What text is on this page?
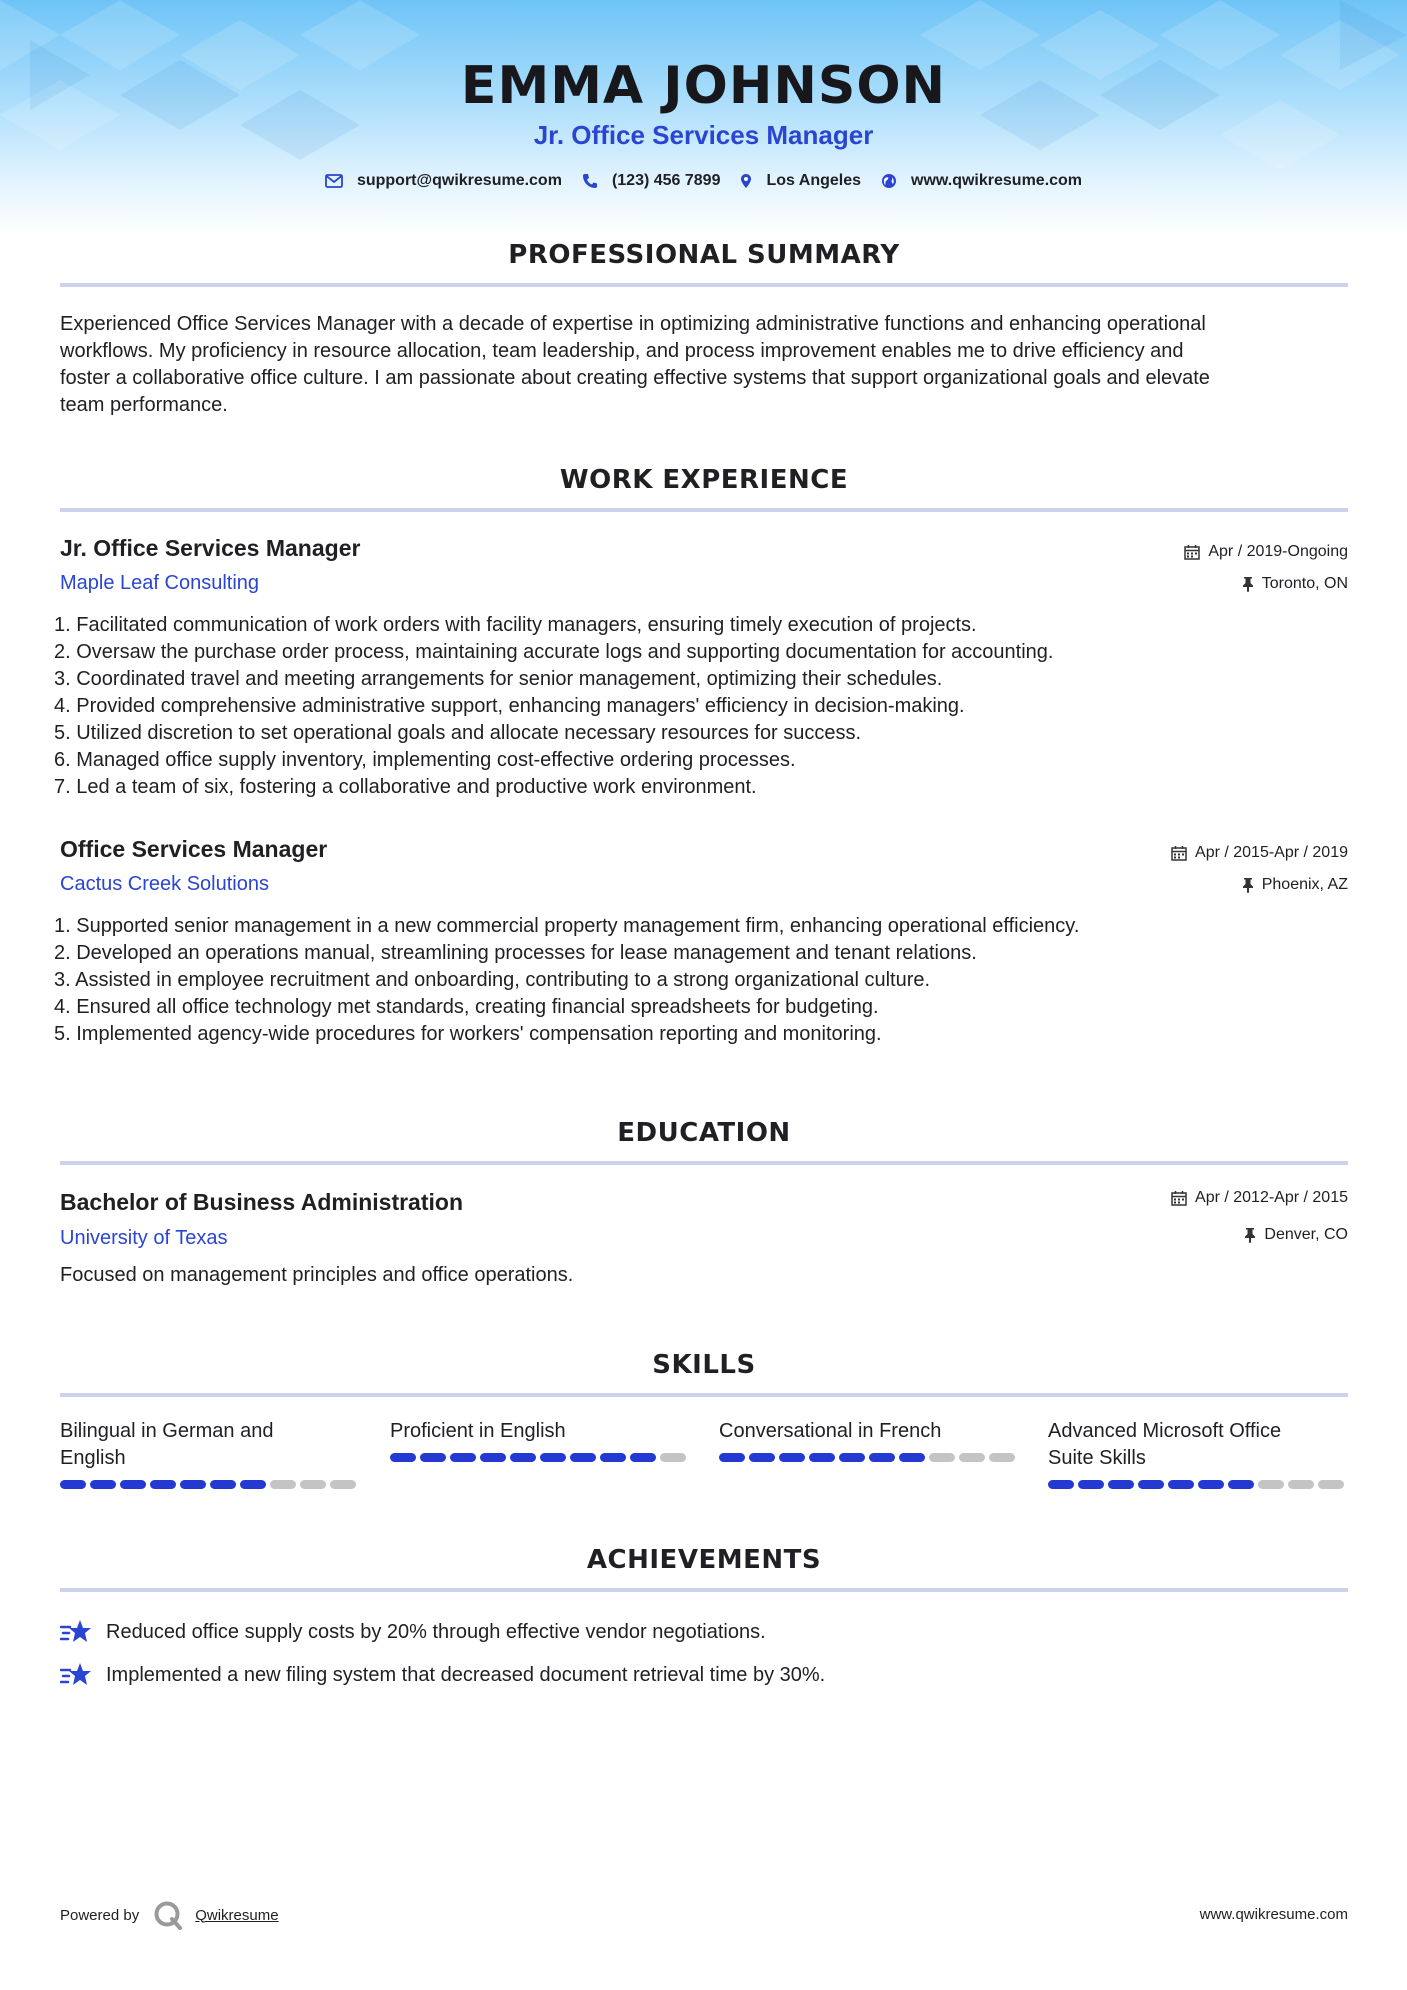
EMMA JOHNSON
Jr. Office Services Manager
support@qwikresume.com	(123) 456 7899	Los Angeles	www.qwikresume.com
PROFESSIONAL SUMMARY
Experienced Office Services Manager with a decade of expertise in optimizing administrative functions and enhancing operational
workflows. My proficiency in resource allocation, team leadership, and process improvement enables me to drive efficiency and
foster a collaborative office culture. I am passionate about creating effective systems that support organizational goals and elevate
team performance.
WORK EXPERIENCE
Jr. Office Services Manager
Maple Leaf Consulting
Apr / 2019-Ongoing
Toronto, ON
1. Facilitated communication of work orders with facility managers, ensuring timely execution of projects.
2. Oversaw the purchase order process, maintaining accurate logs and supporting documentation for accounting.
3. Coordinated travel and meeting arrangements for senior management, optimizing their schedules.
4. Provided comprehensive administrative support, enhancing managers' efficiency in decision-making.
5. Utilized discretion to set operational goals and allocate necessary resources for success.
6. Managed office supply inventory, implementing cost-effective ordering processes.
7. Led a team of six, fostering a collaborative and productive work environment.
Office Services Manager
Cactus Creek Solutions
Apr / 2015-Apr / 2019
Phoenix, AZ
1. Supported senior management in a new commercial property management firm, enhancing operational efficiency.
2. Developed an operations manual, streamlining processes for lease management and tenant relations.
3. Assisted in employee recruitment and onboarding, contributing to a strong organizational culture.
4. Ensured all office technology met standards, creating financial spreadsheets for budgeting.
5. Implemented agency-wide procedures for workers' compensation reporting and monitoring.
EDUCATION
Bachelor of Business Administration
University of Texas
Apr / 2012-Apr / 2015
Denver, CO
Focused on management principles and office operations.
SKILLS
Bilingual in German and
English
Proficient in English	Conversational in French	Advanced Microsoft Office
Suite Skills
ACHIEVEMENTS
Reduced office supply costs by 20% through effective vendor negotiations.
Implemented a new filing system that decreased document retrieval time by 30%.
Powered by	Qwikresume	www.qwikresume.com
